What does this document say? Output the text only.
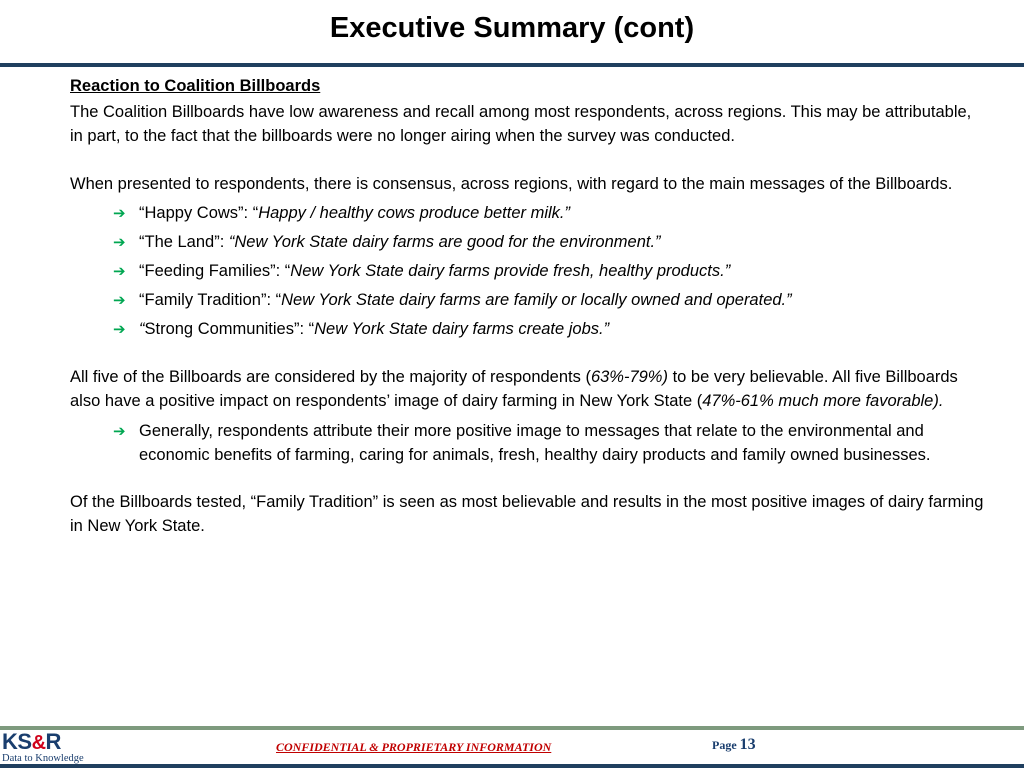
Executive Summary (cont)

Reaction to Coalition Billboards

The Coalition Billboards have low awareness and recall among most respondents, across regions. This may be attributable, in part, to the fact that the billboards were no longer airing when the survey was conducted.

When presented to respondents, there is consensus, across regions, with regard to the main messages of the Billboards.

➔ “Happy Cows”: “Happy / healthy cows produce better milk.”
➔ “The Land”: “New York State dairy farms are good for the environment.”
➔ “Feeding Families”: “New York State dairy farms provide fresh, healthy products.”
➔ “Family Tradition”: “New York State dairy farms are family or locally owned and operated.”
➔ “Strong Communities”: “New York State dairy farms create jobs.”

All five of the Billboards are considered by the majority of respondents (63%-79%) to be very believable. All five Billboards also have a positive impact on respondents’ image of dairy farming in New York State (47%-61% much more favorable).

➔ Generally, respondents attribute their more positive image to messages that relate to the environmental and economic benefits of farming, caring for animals, fresh, healthy dairy products and family owned businesses.

Of the Billboards tested, “Family Tradition” is seen as most believable and results in the most positive images of dairy farming in New York State.

KS&R
Data to Knowledge
CONFIDENTIAL & PROPRIETARY INFORMATION	Page 13
